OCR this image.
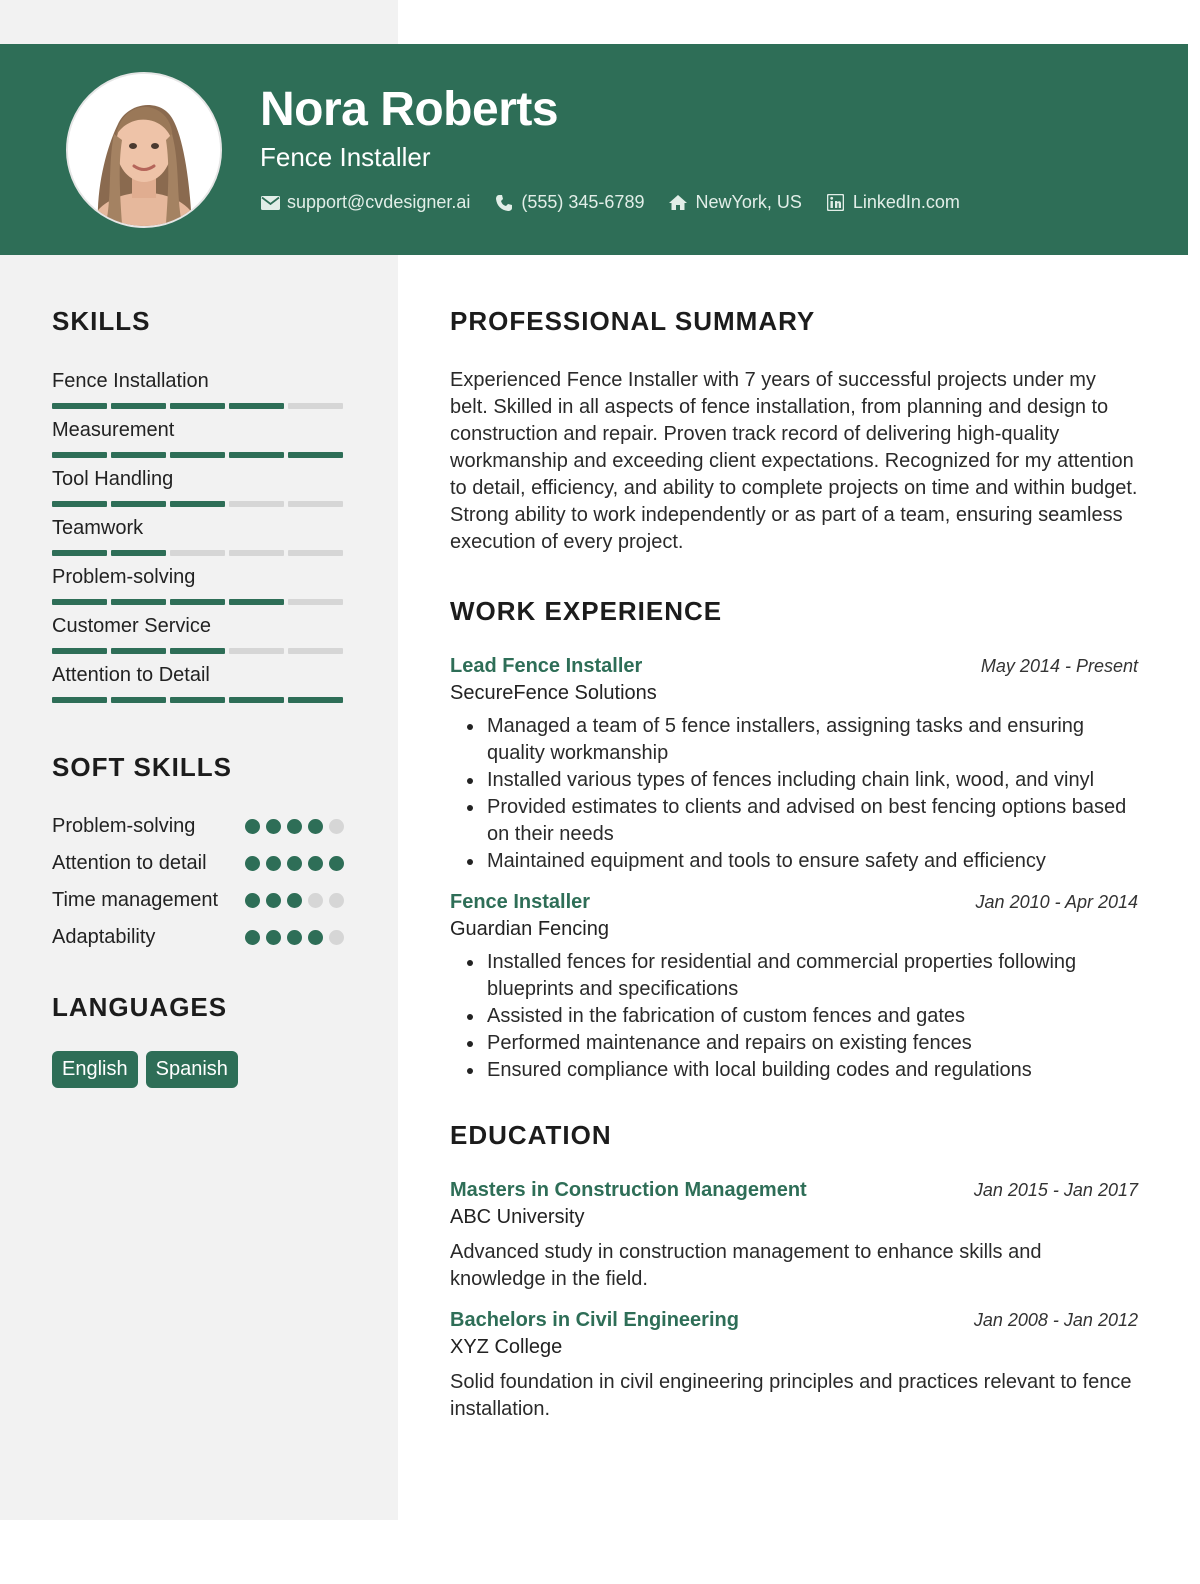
Nora Roberts
Fence Installer
support@cvdesigner.ai	(555) 345-6789	NewYork, US	LinkedIn.com
SKILLS
Fence Installation
Measurement
Tool Handling
Teamwork
Problem-solving
Customer Service
Attention to Detail
SOFT SKILLS
Problem-solving
Attention to detail
Time management
Adaptability
LANGUAGES
English	Spanish
PROFESSIONAL SUMMARY
Experienced Fence Installer with 7 years of successful projects under my belt. Skilled in all aspects of fence installation, from planning and design to construction and repair. Proven track record of delivering high-quality workmanship and exceeding client expectations. Recognized for my attention to detail, efficiency, and ability to complete projects on time and within budget. Strong ability to work independently or as part of a team, ensuring seamless execution of every project.
WORK EXPERIENCE
Lead Fence Installer	May 2014 - Present
SecureFence Solutions
Managed a team of 5 fence installers, assigning tasks and ensuring quality workmanship
Installed various types of fences including chain link, wood, and vinyl
Provided estimates to clients and advised on best fencing options based on their needs
Maintained equipment and tools to ensure safety and efficiency
Fence Installer	Jan 2010 - Apr 2014
Guardian Fencing
Installed fences for residential and commercial properties following blueprints and specifications
Assisted in the fabrication of custom fences and gates
Performed maintenance and repairs on existing fences
Ensured compliance with local building codes and regulations
EDUCATION
Masters in Construction Management	Jan 2015 - Jan 2017
ABC University
Advanced study in construction management to enhance skills and knowledge in the field.
Bachelors in Civil Engineering	Jan 2008 - Jan 2012
XYZ College
Solid foundation in civil engineering principles and practices relevant to fence installation.
